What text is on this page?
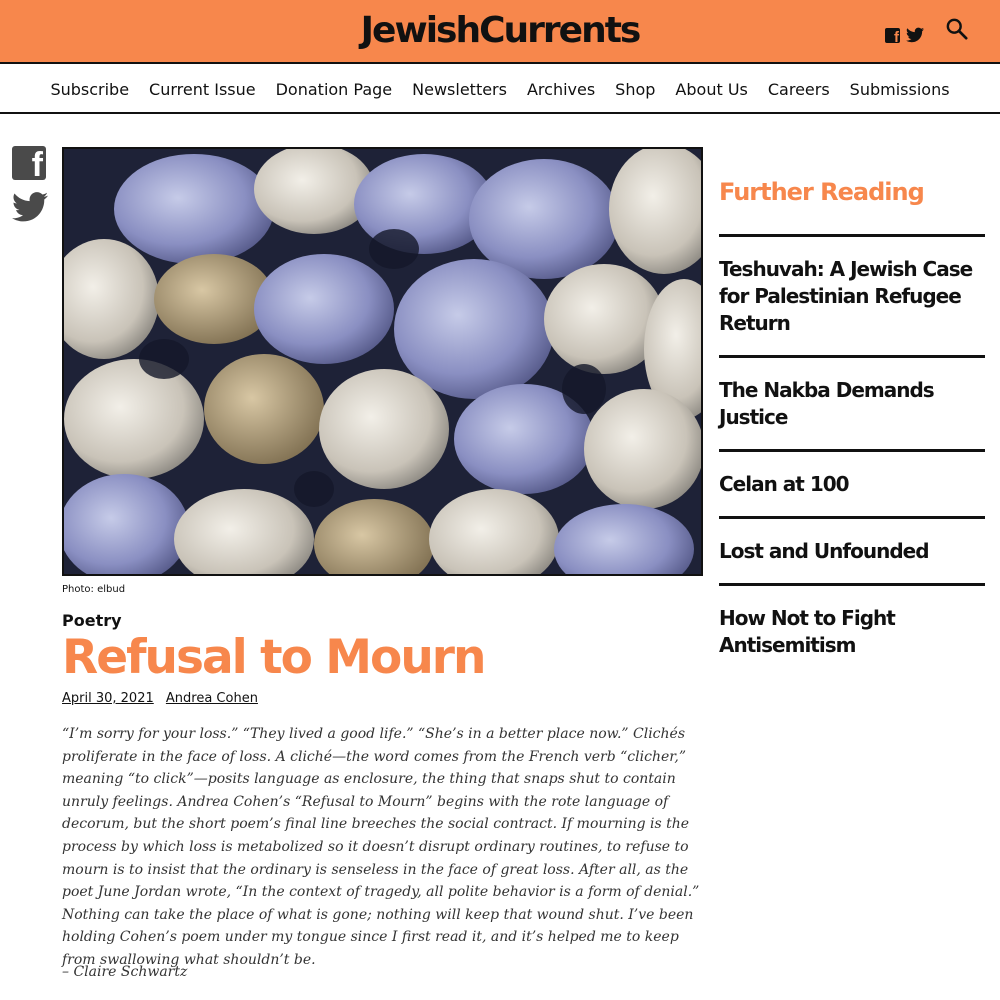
JewishCurrents
f
Subscribe Current Issue Donation Page Newsletters Archives Shop About Us Careers Submissions
f
Photo: elbud
Poetry
Refusal to Mourn
April 30, 2021 Andrea Cohen

“I’m sorry for your loss.” “They lived a good life.” “She’s in a better place now.” Clichés proliferate in the face of loss. A cliché—the word comes from the French verb “clicher,” meaning “to click”—posits language as enclosure, the thing that snaps shut to contain unruly feelings. Andrea Cohen’s “Refusal to Mourn” begins with the rote language of decorum, but the short poem’s final line breeches the social contract. If mourning is the process by which loss is metabolized so it doesn’t disrupt ordinary routines, to refuse to mourn is to insist that the ordinary is senseless in the face of great loss. After all, as the poet June Jordan wrote, “In the context of tragedy, all polite behavior is a form of denial.” Nothing can take the place of what is gone; nothing will keep that wound shut. I’ve been holding Cohen’s poem under my tongue since I first read it, and it’s helped me to keep from swallowing what shouldn’t be.

– Claire Schwartz

Further Reading
Teshuvah: A Jewish Case for Palestinian Refugee Return
The Nakba Demands Justice
Celan at 100
Lost and Unfounded
How Not to Fight Antisemitism
